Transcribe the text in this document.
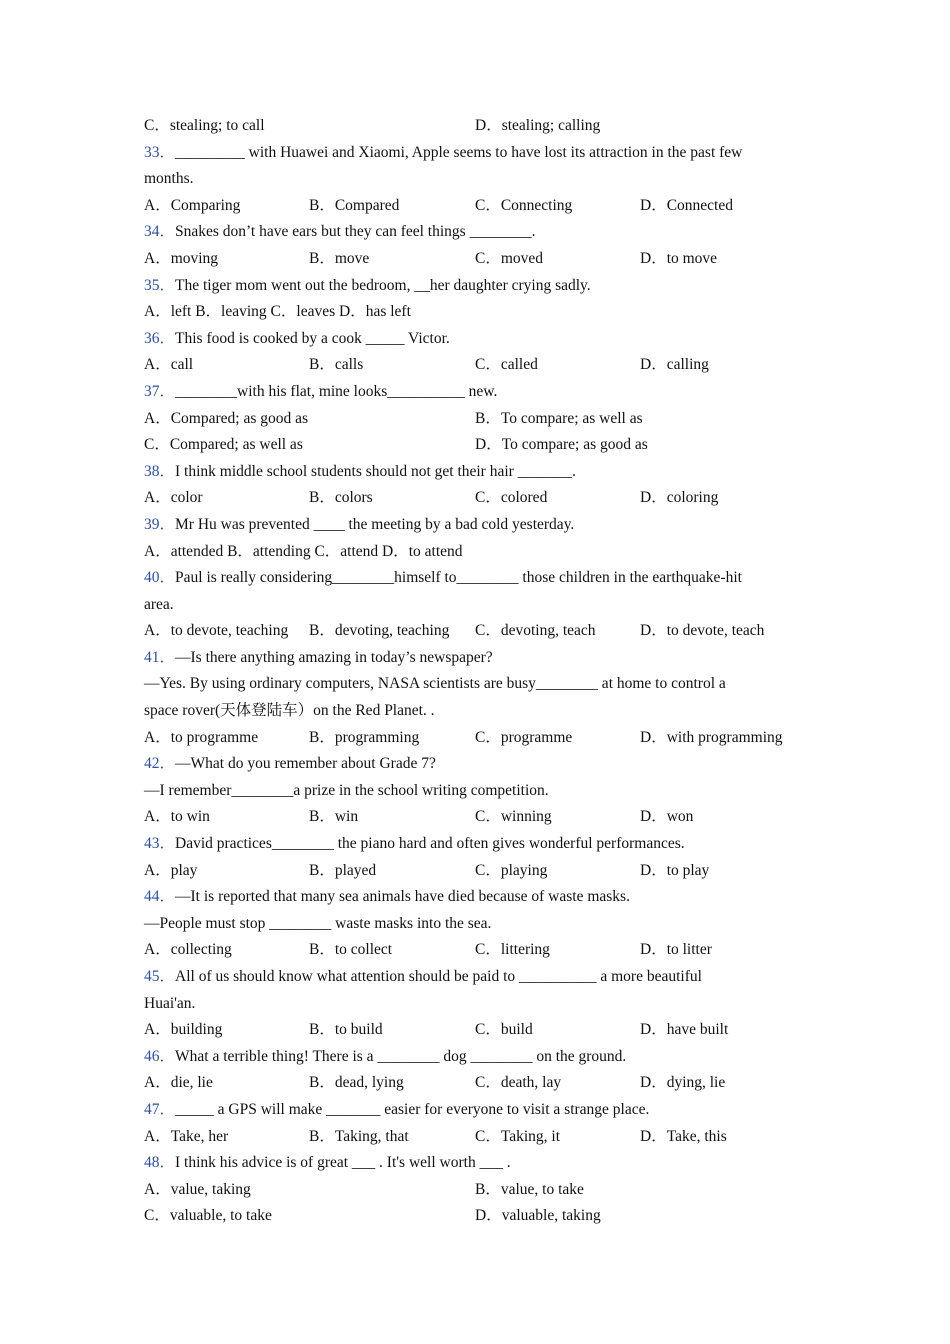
C．stealing; to call	D．stealing; calling
33．_________ with Huawei and Xiaomi, Apple seems to have lost its attraction in the past few
months.
A．Comparing	B．Compared	C．Connecting	D．Connected
34．Snakes don’t have ears but they can feel things ________.
A．moving	B．move	C．moved	D．to move
35．The tiger mom went out the bedroom, __her daughter crying sadly.
A．left B．leaving C．leaves D．has left
36．This food is cooked by a cook _____ Victor.
A．call	B．calls	C．called	D．calling
37．________with his flat, mine looks__________ new.
A．Compared; as good as	B．To compare; as well as
C．Compared; as well as	D．To compare; as good as
38．I think middle school students should not get their hair _______.
A．color	B．colors	C．colored	D．coloring
39．Mr Hu was prevented ____ the meeting by a bad cold yesterday.
A．attended B．attending C．attend D．to attend
40．Paul is really considering________himself to________ those children in the earthquake-hit
area.
A．to devote, teaching B．devoting, teaching C．devoting, teach	D．to devote, teach
41．—Is there anything amazing in today’s newspaper?
—Yes. By using ordinary computers, NASA scientists are busy________ at home to control a
space rover(天体登陆车）on the Red Planet. .
A．to programme	B．programming	C．programme	D．with programming
42．—What do you remember about Grade 7?
—I remember________a prize in the school writing competition.
A．to win	B．win	C．winning	D．won
43．David practices________ the piano hard and often gives wonderful performances.
A．play	B．played	C．playing	D．to play
44．—It is reported that many sea animals have died because of waste masks.
—People must stop ________ waste masks into the sea.
A．collecting	B．to collect	C．littering	D．to litter
45．All of us should know what attention should be paid to __________ a more beautiful
Huai'an.
A．building	B．to build	C．build	D．have built
46．What a terrible thing! There is a ________ dog ________ on the ground.
A．die, lie	B．dead, lying	C．death, lay	D．dying, lie
47．_____ a GPS will make _______ easier for everyone to visit a strange place.
A．Take, her	B．Taking, that	C．Taking, it	D．Take, this
48．I think his advice is of great ___ . It's well worth ___ .
A．value, taking	B．value, to take
C．valuable, to take	D．valuable, taking
